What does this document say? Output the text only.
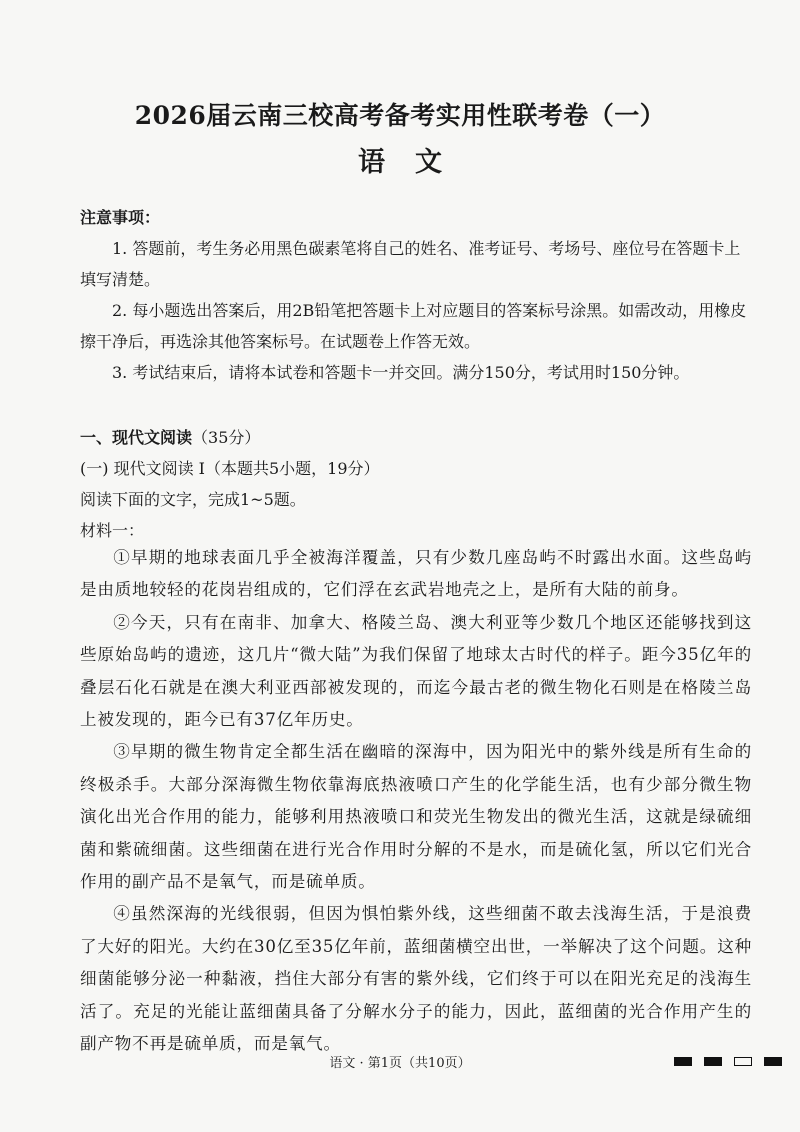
2026届云南三校高考备考实用性联考卷（一）
语文

注意事项：

1. 答题前，考生务必用黑色碳素笔将自己的姓名、准考证号、考场号、座位号在答题卡上填写清楚。

2. 每小题选出答案后，用2B铅笔把答题卡上对应题目的答案标号涂黑。如需改动，用橡皮擦干净后，再选涂其他答案标号。在试题卷上作答无效。

3. 考试结束后，请将本试卷和答题卡一并交回。满分150分，考试用时150分钟。

一、现代文阅读（35分）

(一) 现代文阅读 I（本题共5小题，19分）

阅读下面的文字，完成1~5题。

材料一：

①早期的地球表面几乎全被海洋覆盖，只有少数几座岛屿不时露出水面。这些岛屿是由质地较轻的花岗岩组成的，它们浮在玄武岩地壳之上，是所有大陆的前身。

②今天，只有在南非、加拿大、格陵兰岛、澳大利亚等少数几个地区还能够找到这些原始岛屿的遗迹，这几片“微大陆”为我们保留了地球太古时代的样子。距今35亿年的叠层石化石就是在澳大利亚西部被发现的，而迄今最古老的微生物化石则是在格陵兰岛上被发现的，距今已有37亿年历史。

③早期的微生物肯定全都生活在幽暗的深海中，因为阳光中的紫外线是所有生命的终极杀手。大部分深海微生物依靠海底热液喷口产生的化学能生活，也有少部分微生物演化出光合作用的能力，能够利用热液喷口和荧光生物发出的微光生活，这就是绿硫细菌和紫硫细菌。这些细菌在进行光合作用时分解的不是水，而是硫化氢，所以它们光合作用的副产品不是氧气，而是硫单质。

④虽然深海的光线很弱，但因为惧怕紫外线，这些细菌不敢去浅海生活，于是浪费了大好的阳光。大约在30亿至35亿年前，蓝细菌横空出世，一举解决了这个问题。这种细菌能够分泌一种黏液，挡住大部分有害的紫外线，它们终于可以在阳光充足的浅海生活了。充足的光能让蓝细菌具备了分解水分子的能力，因此，蓝细菌的光合作用产生的副产物不再是硫单质，而是氧气。

语文 · 第1页（共10页）
